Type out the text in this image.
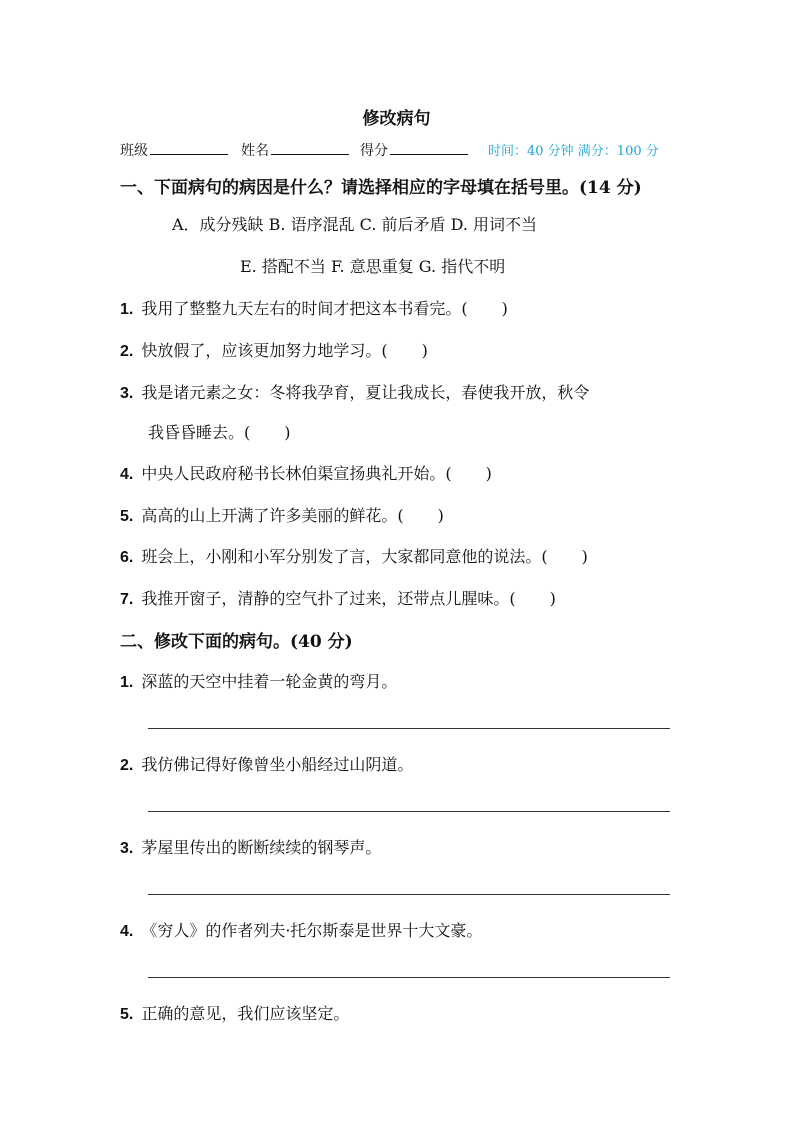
修改病句
班级	姓名	得分	时间：40 分钟 满分：100 分
一、下面病句的病因是什么？请选择相应的字母填在括号里。(14 分)
A．成分残缺 B. 语序混乱 C. 前后矛盾 D. 用词不当
E. 搭配不当 F. 意思重复 G. 指代不明
1. 我用了整整九天左右的时间才把这本书看完。( )
2. 快放假了，应该更加努力地学习。( )
3. 我是诸元素之女：冬将我孕育，夏让我成长，春使我开放，秋令
我昏昏睡去。( )
4. 中央人民政府秘书长林伯渠宣扬典礼开始。( )
5. 高高的山上开满了许多美丽的鲜花。( )
6. 班会上，小刚和小军分别发了言，大家都同意他的说法。( )
7. 我推开窗子，清静的空气扑了过来，还带点儿腥味。( )
二、修改下面的病句。(40 分)
1. 深蓝的天空中挂着一轮金黄的弯月。
2. 我仿佛记得好像曾坐小船经过山阴道。
3. 茅屋里传出的断断续续的钢琴声。
4. 《穷人》的作者列夫·托尔斯泰是世界十大文豪。
5. 正确的意见，我们应该坚定。
